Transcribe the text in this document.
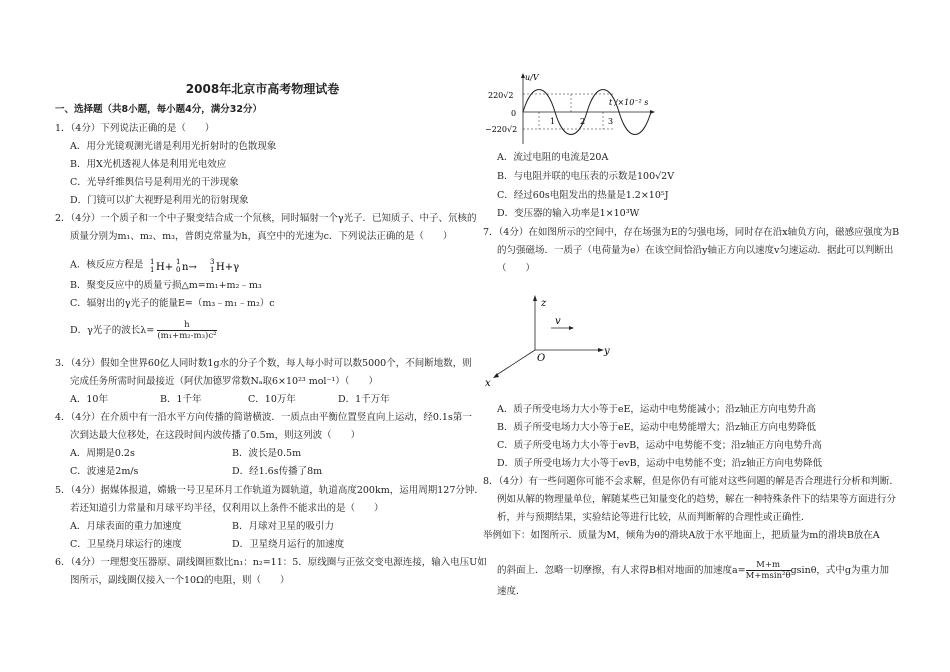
2008年北京市高考物理试卷
一、选择题（共8小题，每小题4分，满分32分）
1．（4分）下列说法正确的是（　　）
A．用分光镜观测光谱是利用光折射时的色散现象
B．用X光机透视人体是利用光电效应
C．光导纤维舆信号是利用光的干涉现象
D．门镜可以扩大视野是利用光的衍射现象
2．（4分）一个质子和一个中子聚变结合成一个氘核，同时辐射一个γ光子．已知质子、中子、氘核的
质量分别为m₁、m₂、m₃，普朗克常量为h，真空中的光速为c．下列说法正确的是（　　）
A．核反应方程是 1
1 H+ 1
0 n→ 3
1 H+γ
B．聚变反应中的质量亏损△m=m₁+m₂﹣m₃
C．辐射出的γ光子的能量E=（m₃﹣m₁﹣m₂）c
D．γ光子的波长$\lambda= \frac{h}{\text{(m₁+m₂-m₃)c²}}$
3．（4分）假如全世界60亿人同时数1g水的分子个数，每人每小时可以数5000个，不间断地数，则
完成任务所需时间最接近（阿伏加德罗常数Nₐ取6×10²³ mol⁻¹）（　　）
A．10年	B．1千年	C．10万年	D．1千万年
4．（4分）在介质中有一沿水平方向传播的简谐横波．一质点由平衡位置竖直向上运动，经0.1s第一
次到达最大位移处，在这段时间内波传播了0.5m，则这列波（　　）
A．周期是0.2s	B．波长是0.5m
C．波速是2m/s	D．经1.6s传播了8m
5．（4分）据媒体报道，嫦娥一号卫星环月工作轨道为圆轨道，轨道高度200km，运用周期127分钟．
若还知道引力常量和月球平均半径，仅利用以上条件不能求出的是（　　）
A．月球表面的重力加速度	B．月球对卫星的吸引力
C．卫星绕月球运行的速度	D．卫星绕月运行的加速度
6．（4分）一理想变压器原、副线圈匝数比n₁：n₂=11：5．原线圈与正弦交变电源连接，输入电压U如
图所示，副线圈仅接入一个10Ω的电阻，则（　　）
u/V
t /×10⁻² s
220√2
−220√2
0
1	2	3
A．流过电阻的电流是20A
B．与电阻并联的电压表的示数是100√2V
C．经过60s电阻发出的热量是1.2×10⁵J
D．变压器的输入功率是1×10³W
7．（4分）在如图所示的空间中，存在场强为E的匀强电场，同时存在沿x轴负方向，磁感应强度为B
的匀强磁场．一质子（电荷量为e）在该空间恰沿y轴正方向以速度v匀速运动．据此可以判断出
（　　）
z
y
x
O
v
A．质子所受电场力大小等于eE，运动中电势能减小；沿z轴正方向电势升高
B．质子所受电场力大小等于eE，运动中电势能增大；沿z轴正方向电势降低
C．质子所受电场力大小等于evB，运动中电势能不变；沿z轴正方向电势升高
D．质子所受电场力大小等于evB，运动中电势能不变；沿z轴正方向电势降低
8．（4分）有一些问题你可能不会求解，但是你仍有可能对这些问题的解是否合理进行分析和判断．
例如从解的物理量单位，解随某些已知量变化的趋势，解在一种特殊条件下的结果等方面进行分
析，并与预期结果，实验结论等进行比较，从而判断解的合理性或正确性．
举例如下：如图所示．质量为M，倾角为θ的滑块A放于水平地面上，把质量为m的滑块B放在A
的斜面上．忽略一切摩擦，有人求得B相对地面的加速度$a= \frac{M+m}{\text{M+msin²θ}}$ gsinθ，式中g为重力加
速度．
